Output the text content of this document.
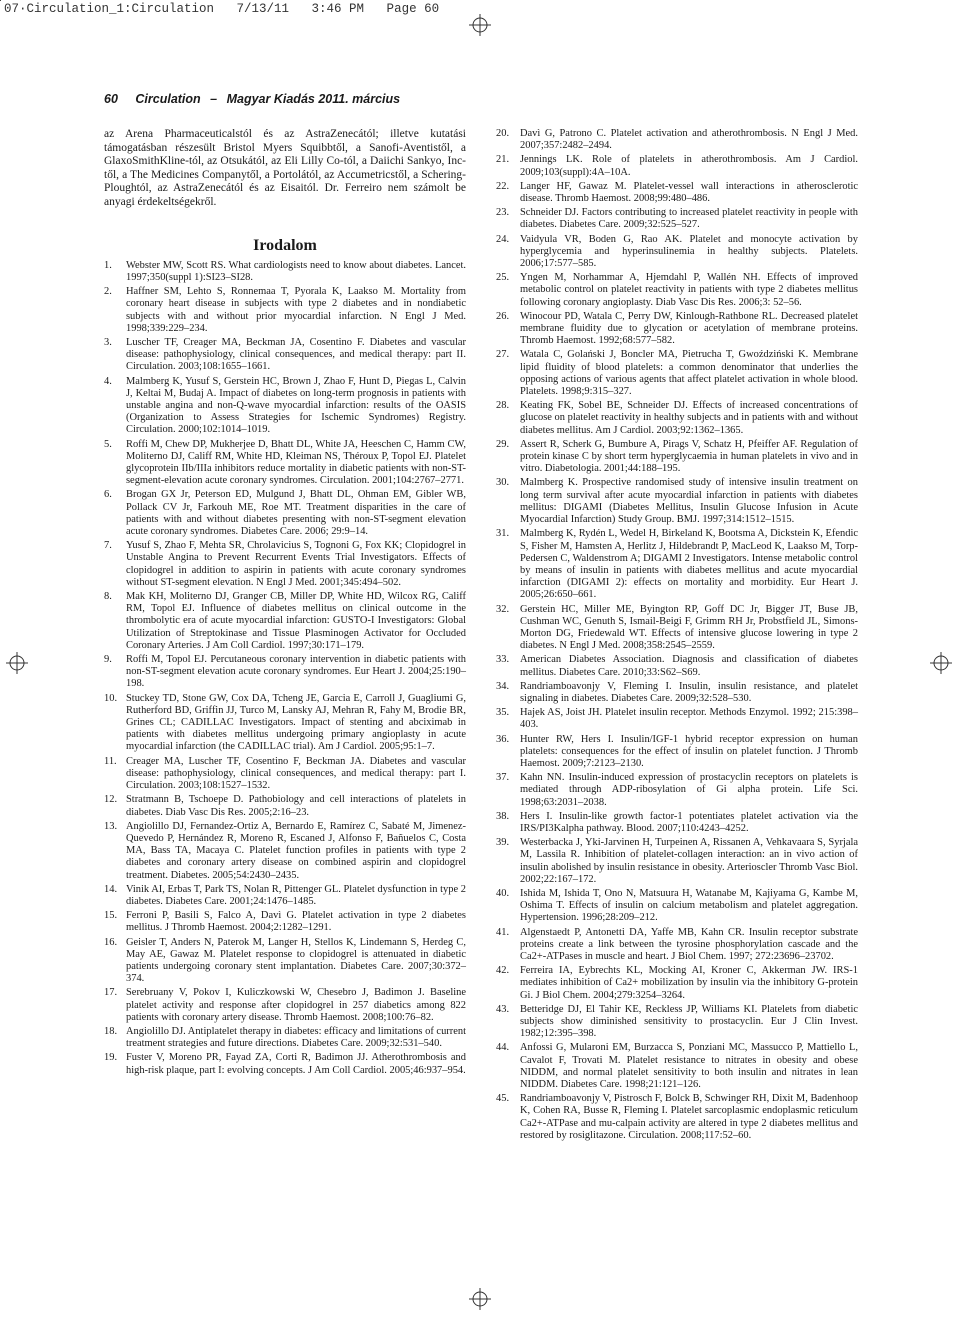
07·Circulation_1:Circulation   7/13/11   3:46 PM   Page 60
60 Circulation – Magyar Kiadás 2011. március

az Arena Pharmaceuticalstól és az AstraZenecától; illetve kutatási támogatásban részesült Bristol Myers Squibbtől, a Sanofi-Aventistől, a GlaxoSmithKline-tól, az Otsukától, az Eli Lilly Co-tól, a Daiichi Sankyo, Inc-től, a The Medicines Companytől, a Portolától, az Accumetricstől, a Schering-Ploughtól, az AstraZenecától és az Eisaitól. Dr. Ferreiro nem számolt be anyagi érdekeltségekről.

Irodalom
1.	Webster MW, Scott RS. What cardiologists need to know about diabetes. Lancet. 1997;350(suppl 1):SI23–SI28.
2.	Haffner SM, Lehto S, Ronnemaa T, Pyorala K, Laakso M. Mortality from coronary heart disease in subjects with type 2 diabetes and in nondiabetic subjects with and without prior myocardial infarction. N Engl J Med. 1998;339:229–234.
3.	Luscher TF, Creager MA, Beckman JA, Cosentino F. Diabetes and vascular disease: pathophysiology, clinical consequences, and medical therapy: part II. Circulation. 2003;108:1655–1661.
4.	Malmberg K, Yusuf S, Gerstein HC, Brown J, Zhao F, Hunt D, Piegas L, Calvin J, Keltai M, Budaj A. Impact of diabetes on long-term prognosis in patients with unstable angina and non-Q-wave myocardial infarction: results of the OASIS (Organization to Assess Strategies for Ischemic Syndromes) Registry. Circulation. 2000;102:1014–1019.
5.	Roffi M, Chew DP, Mukherjee D, Bhatt DL, White JA, Heeschen C, Hamm CW, Moliterno DJ, Califf RM, White HD, Kleiman NS, Théroux P, Topol EJ. Platelet glycoprotein IIb/IIIa inhibitors reduce mortality in diabetic patients with non-ST-segment-elevation acute coronary syndromes. Circulation. 2001;104:2767–2771.
6.	Brogan GX Jr, Peterson ED, Mulgund J, Bhatt DL, Ohman EM, Gibler WB, Pollack CV Jr, Farkouh ME, Roe MT. Treatment disparities in the care of patients with and without diabetes presenting with non-ST-segment elevation acute coronary syndromes. Diabetes Care. 2006; 29:9–14.
7.	Yusuf S, Zhao F, Mehta SR, Chrolavicius S, Tognoni G, Fox KK; Clopidogrel in Unstable Angina to Prevent Recurrent Events Trial Investigators. Effects of clopidogrel in addition to aspirin in patients with acute coronary syndromes without ST-segment elevation. N Engl J Med. 2001;345:494–502.
8.	Mak KH, Moliterno DJ, Granger CB, Miller DP, White HD, Wilcox RG, Califf RM, Topol EJ. Influence of diabetes mellitus on clinical outcome in the thrombolytic era of acute myocardial infarction: GUSTO-I Investigators: Global Utilization of Streptokinase and Tissue Plasminogen Activator for Occluded Coronary Arteries. J Am Coll Cardiol. 1997;30:171–179.
9.	Roffi M, Topol EJ. Percutaneous coronary intervention in diabetic patients with non-ST-segment elevation acute coronary syndromes. Eur Heart J. 2004;25:190–198.
10. Stuckey TD, Stone GW, Cox DA, Tcheng JE, Garcia E, Carroll J, Guagliumi G, Rutherford BD, Griffin JJ, Turco M, Lansky AJ, Mehran R, Fahy M, Brodie BR, Grines CL; CADILLAC Investigators. Impact of stenting and abciximab in patients with diabetes mellitus undergoing primary angioplasty in acute myocardial infarction (the CADILLAC trial). Am J Cardiol. 2005;95:1–7.
11. Creager MA, Luscher TF, Cosentino F, Beckman JA. Diabetes and vascular disease: pathophysiology, clinical consequences, and medical therapy: part I. Circulation. 2003;108:1527–1532.
12. Stratmann B, Tschoepe D. Pathobiology and cell interactions of platelets in diabetes. Diab Vasc Dis Res. 2005;2:16–23.
13. Angiolillo DJ, Fernandez-Ortiz A, Bernardo E, Ramírez C, Sabaté M, Jimenez-Quevedo P, Hernández R, Moreno R, Escaned J, Alfonso F, Bañuelos C, Costa MA, Bass TA, Macaya C. Platelet function profiles in patients with type 2 diabetes and coronary artery disease on combined aspirin and clopidogrel treatment. Diabetes. 2005;54:2430–2435.
14. Vinik AI, Erbas T, Park TS, Nolan R, Pittenger GL. Platelet dysfunction in type 2 diabetes. Diabetes Care. 2001;24:1476–1485.
15. Ferroni P, Basili S, Falco A, Davì G. Platelet activation in type 2 diabetes mellitus. J Thromb Haemost. 2004;2:1282–1291.
16. Geisler T, Anders N, Paterok M, Langer H, Stellos K, Lindemann S, Herdeg C, May AE, Gawaz M. Platelet response to clopidogrel is attenuated in diabetic patients undergoing coronary stent implantation. Diabetes Care. 2007;30:372–374.
17. Serebruany V, Pokov I, Kuliczkowski W, Chesebro J, Badimon J. Baseline platelet activity and response after clopidogrel in 257 diabetics among 822 patients with coronary artery disease. Thromb Haemost. 2008;100:76–82.
18. Angiolillo DJ. Antiplatelet therapy in diabetes: efficacy and limitations of current treatment strategies and future directions. Diabetes Care. 2009;32:531–540.
19. Fuster V, Moreno PR, Fayad ZA, Corti R, Badimon JJ. Atherothrombosis and high-risk plaque, part I: evolving concepts. J Am Coll Cardiol. 2005;46:937–954.
20.	Davì G, Patrono C. Platelet activation and atherothrombosis. N Engl J Med. 2007;357:2482–2494.
21.	Jennings LK. Role of platelets in atherothrombosis. Am J Cardiol. 2009;103(suppl):4A–10A.
22.	Langer HF, Gawaz M. Platelet-vessel wall interactions in atherosclerotic disease. Thromb Haemost. 2008;99:480–486.
23.	Schneider DJ. Factors contributing to increased platelet reactivity in people with diabetes. Diabetes Care. 2009;32:525–527.
24.	Vaidyula VR, Boden G, Rao AK. Platelet and monocyte activation by hyperglycemia and hyperinsulinemia in healthy subjects. Platelets. 2006;17:577–585.
25.	Yngen M, Norhammar A, Hjemdahl P, Wallén NH. Effects of improved metabolic control on platelet reactivity in patients with type 2 diabetes mellitus following coronary angioplasty. Diab Vasc Dis Res. 2006;3: 52–56.
26.	Winocour PD, Watala C, Perry DW, Kinlough-Rathbone RL. Decreased platelet membrane fluidity due to glycation or acetylation of membrane proteins. Thromb Haemost. 1992;68:577–582.
27.	Watala C, Golański J, Boncler MA, Pietrucha T, Gwoździński K. Membrane lipid fluidity of blood platelets: a common denominator that underlies the opposing actions of various agents that affect platelet activation in whole blood. Platelets. 1998;9:315–327.
28.	Keating FK, Sobel BE, Schneider DJ. Effects of increased concentrations of glucose on platelet reactivity in healthy subjects and in patients with and without diabetes mellitus. Am J Cardiol. 2003;92:1362–1365.
29.	Assert R, Scherk G, Bumbure A, Pirags V, Schatz H, Pfeiffer AF. Regulation of protein kinase C by short term hyperglycaemia in human platelets in vivo and in vitro. Diabetologia. 2001;44:188–195.
30.	Malmberg K. Prospective randomised study of intensive insulin treatment on long term survival after acute myocardial infarction in patients with diabetes mellitus: DIGAMI (Diabetes Mellitus, Insulin Glucose Infusion in Acute Myocardial Infarction) Study Group. BMJ. 1997;314:1512–1515.
31.	Malmberg K, Rydén L, Wedel H, Birkeland K, Bootsma A, Dickstein K, Efendic S, Fisher M, Hamsten A, Herlitz J, Hildebrandt P, MacLeod K, Laakso M, Torp-Pedersen C, Waldenstrom A; DIGAMI 2 Investigators. Intense metabolic control by means of insulin in patients with diabetes mellitus and acute myocardial infarction (DIGAMI 2): effects on mortality and morbidity. Eur Heart J. 2005;26:650–661.
32.	Gerstein HC, Miller ME, Byington RP, Goff DC Jr, Bigger JT, Buse JB, Cushman WC, Genuth S, Ismail-Beigi F, Grimm RH Jr, Probstfield JL, Simons-Morton DG, Friedewald WT. Effects of intensive glucose lowering in type 2 diabetes. N Engl J Med. 2008;358:2545–2559.
33.	American Diabetes Association. Diagnosis and classification of diabetes mellitus. Diabetes Care. 2010;33:S62–S69.
34.	Randriamboavonjy V, Fleming I. Insulin, insulin resistance, and platelet signaling in diabetes. Diabetes Care. 2009;32:528–530.
35.	Hajek AS, Joist JH. Platelet insulin receptor. Methods Enzymol. 1992; 215:398–403.
36.	Hunter RW, Hers I. Insulin/IGF-1 hybrid receptor expression on human platelets: consequences for the effect of insulin on platelet function. J Thromb Haemost. 2009;7:2123–2130.
37.	Kahn NN. Insulin-induced expression of prostacyclin receptors on platelets is mediated through ADP-ribosylation of Gi alpha protein. Life Sci. 1998;63:2031–2038.
38.	Hers I. Insulin-like growth factor-1 potentiates platelet activation via the IRS/PI3Kalpha pathway. Blood. 2007;110:4243–4252.
39.	Westerbacka J, Yki-Jarvinen H, Turpeinen A, Rissanen A, Vehkavaara S, Syrjala M, Lassila R. Inhibition of platelet-collagen interaction: an in vivo action of insulin abolished by insulin resistance in obesity. Arterioscler Thromb Vasc Biol. 2002;22:167–172.
40.	Ishida M, Ishida T, Ono N, Matsuura H, Watanabe M, Kajiyama G, Kambe M, Oshima T. Effects of insulin on calcium metabolism and platelet aggregation. Hypertension. 1996;28:209–212.
41.	Algenstaedt P, Antonetti DA, Yaffe MB, Kahn CR. Insulin receptor substrate proteins create a link between the tyrosine phosphorylation cascade and the Ca2+-ATPases in muscle and heart. J Biol Chem. 1997; 272:23696–23702.
42.	Ferreira IA, Eybrechts KL, Mocking AI, Kroner C, Akkerman JW. IRS-1 mediates inhibition of Ca2+ mobilization by insulin via the inhibitory G-protein Gi. J Biol Chem. 2004;279:3254–3264.
43.	Betteridge DJ, El Tahir KE, Reckless JP, Williams KI. Platelets from diabetic subjects show diminished sensitivity to prostacyclin. Eur J Clin Invest. 1982;12:395–398.
44.	Anfossi G, Mularoni EM, Burzacca S, Ponziani MC, Massucco P, Mattiello L, Cavalot F, Trovati M. Platelet resistance to nitrates in obesity and obese NIDDM, and normal platelet sensitivity to both insulin and nitrates in lean NIDDM. Diabetes Care. 1998;21:121–126.
45.	Randriamboavonjy V, Pistrosch F, Bolck B, Schwinger RH, Dixit M, Badenhoop K, Cohen RA, Busse R, Fleming I. Platelet sarcoplasmic endoplasmic reticulum Ca2+-ATPase and mu-calpain activity are altered in type 2 diabetes mellitus and restored by rosiglitazone. Circulation. 2008;117:52–60.
